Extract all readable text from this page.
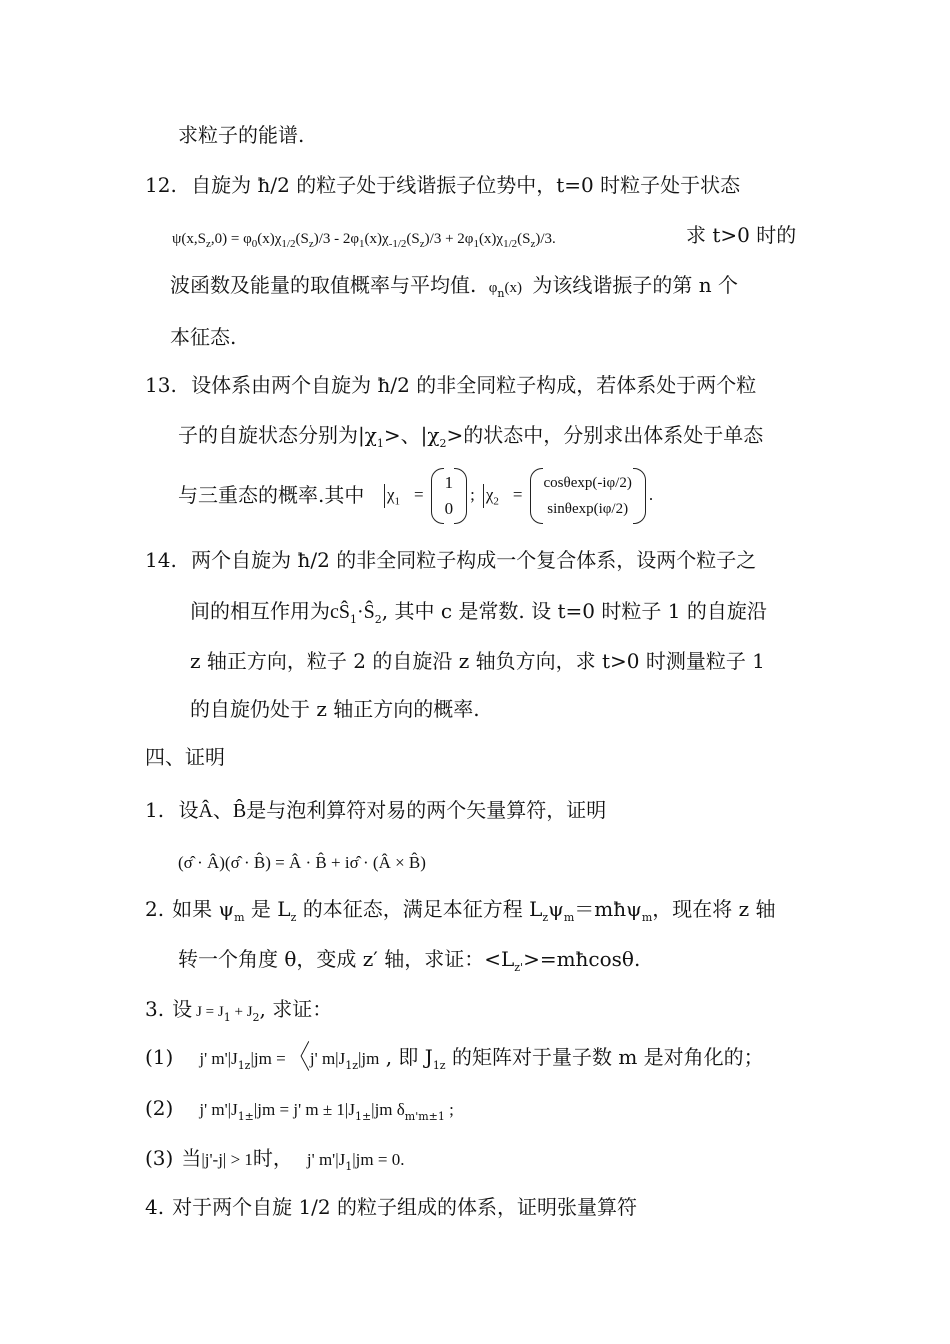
求粒子的能谱.
12. 自旋为 ħ/2 的粒子处于线谐振子位势中，t=0 时粒子处于状态
$\psi(x,S_z,0) = \varphi_0(x)\chi_{1/2}(S_z)/3 - 2\varphi_1(x)\chi_{-1/2}(S_z)/3 + 2\varphi_1(x)\chi_{1/2}(S_z)/3$.	求 t>0 时的
波函数及能量的取值概率与平均值. $\varphi_n(x)$ 为该线谐振子的第 n 个
本征态.
13. 设体系由两个自旋为 ħ/2 的非全同粒子构成，若体系处于两个粒
子的自旋状态分别为$|\chi_1>$、$|\chi_2>$的状态中，分别求出体系处于单态
与三重态的概率.其中 $\chi_1$ =
1
0
; $\chi_2$ =
cosθexp(-iφ/2)
sinθexp(iφ/2)
.
14. 两个自旋为 ħ/2 的非全同粒子构成一个复合体系，设两个粒子之
间的相互作用为$cŜ_1\cdot Ŝ_2$, 其中 c 是常数. 设 t=0 时粒子 1 的自旋沿
z 轴正方向，粒子 2 的自旋沿 z 轴负方向，求 t>0 时测量粒子 1
的自旋仍处于 z 轴正方向的概率.
四、证明
1. 设Â、B̂是与泡利算符对易的两个矢量算符，证明
(σ̂ · Â)(σ̂ · B̂) = Â · B̂ + iσ̂ · (Â × B̂)
2. 如果 $\psi_m$ 是 $L_z$ 的本征态，满足本征方程 $L_z\psi_m=mħ\psi_m$，现在将 z 轴
转一个角度 θ，变成 z′ 轴，求证：$<L_{z'}>=mħ\cos\theta$.
3. 设 $J = J_1 + J_2$, 求证：
(1) j' $m'|J_{1z}|jm$ = 〈j' $m|J_{1z}|jm$ , 即 $J_{1z}$ 的矩阵对于量子数 m 是对角化的；
(2) j' $m'|J_{1\pm}|jm = j'$ $m \pm 1|J_{1\pm}|jm$ $\delta_{m'm\pm 1}$ ;
(3) 当|j'-j| > 1时， j' $m'|J_1|jm = 0$.
4. 对于两个自旋 1/2 的粒子组成的体系，证明张量算符
